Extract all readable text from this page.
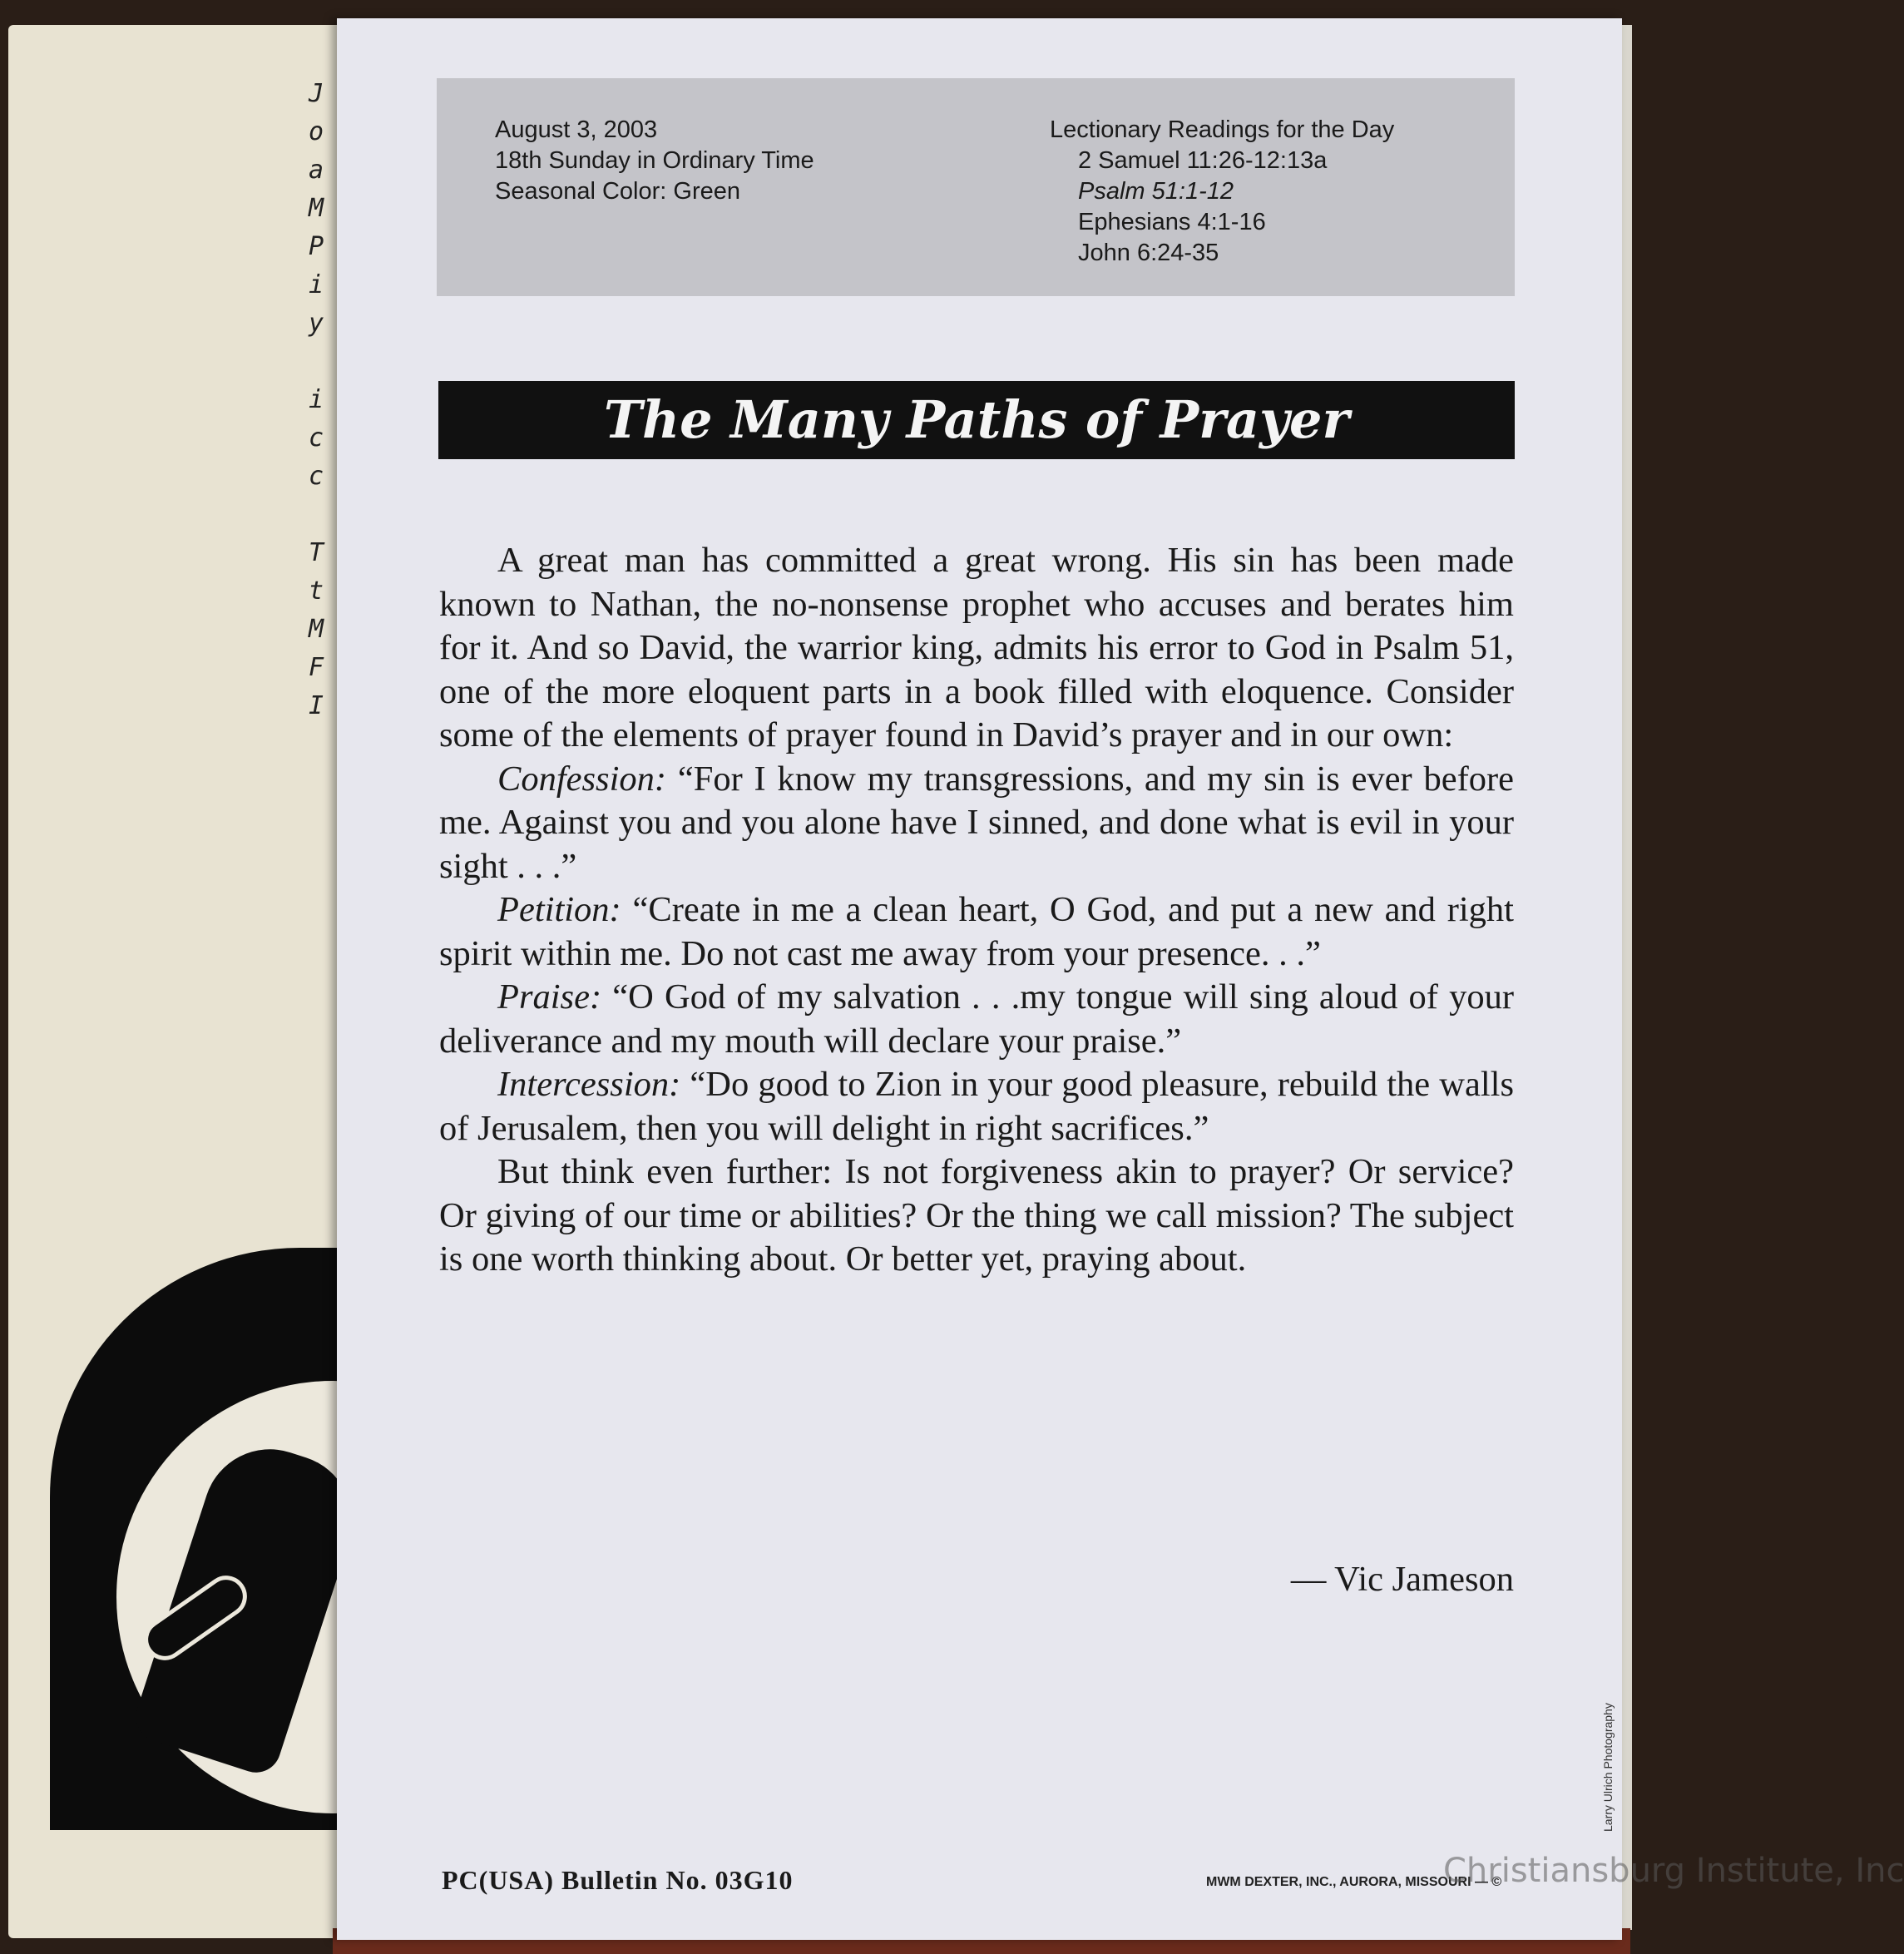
J
o
a
M
P
i
y
i
c
c
T
t
M
F
I
August 3, 2003
18th Sunday in Ordinary Time
Seasonal Color: Green
Lectionary Readings for the Day
2 Samuel 11:26-12:13a
Psalm 51:1-12
Ephesians 4:1-16
John 6:24-35
The Many Paths of Prayer

A great man has committed a great wrong. His sin has been made known to Nathan, the no-nonsense prophet who accuses and berates him for it. And so David, the warrior king, admits his error to God in Psalm 51, one of the more eloquent parts in a book filled with eloquence. Consider some of the elements of prayer found in David’s prayer and in our own:

Confession: “For I know my transgressions, and my sin is ever before me. Against you and you alone have I sinned, and done what is evil in your sight . . .”

Petition: “Create in me a clean heart, O God, and put a new and right spirit within me. Do not cast me away from your presence. . .”

Praise: “O God of my salvation . . .my tongue will sing aloud of your deliverance and my mouth will declare your praise.”

Intercession: “Do good to Zion in your good pleasure, rebuild the walls of Jerusalem, then you will delight in right sacrifices.”

But think even further: Is not forgiveness akin to prayer? Or service? Or giving of our time or abilities? Or the thing we call mission? The subject is one worth thinking about. Or better yet, praying about.

— Vic Jameson
PC(USA) Bulletin No. 03G10	MWM DEXTER, INC., AURORA, MISSOURI — ©
Larry Ulrich Photography
Christiansburg Institute, Inc
